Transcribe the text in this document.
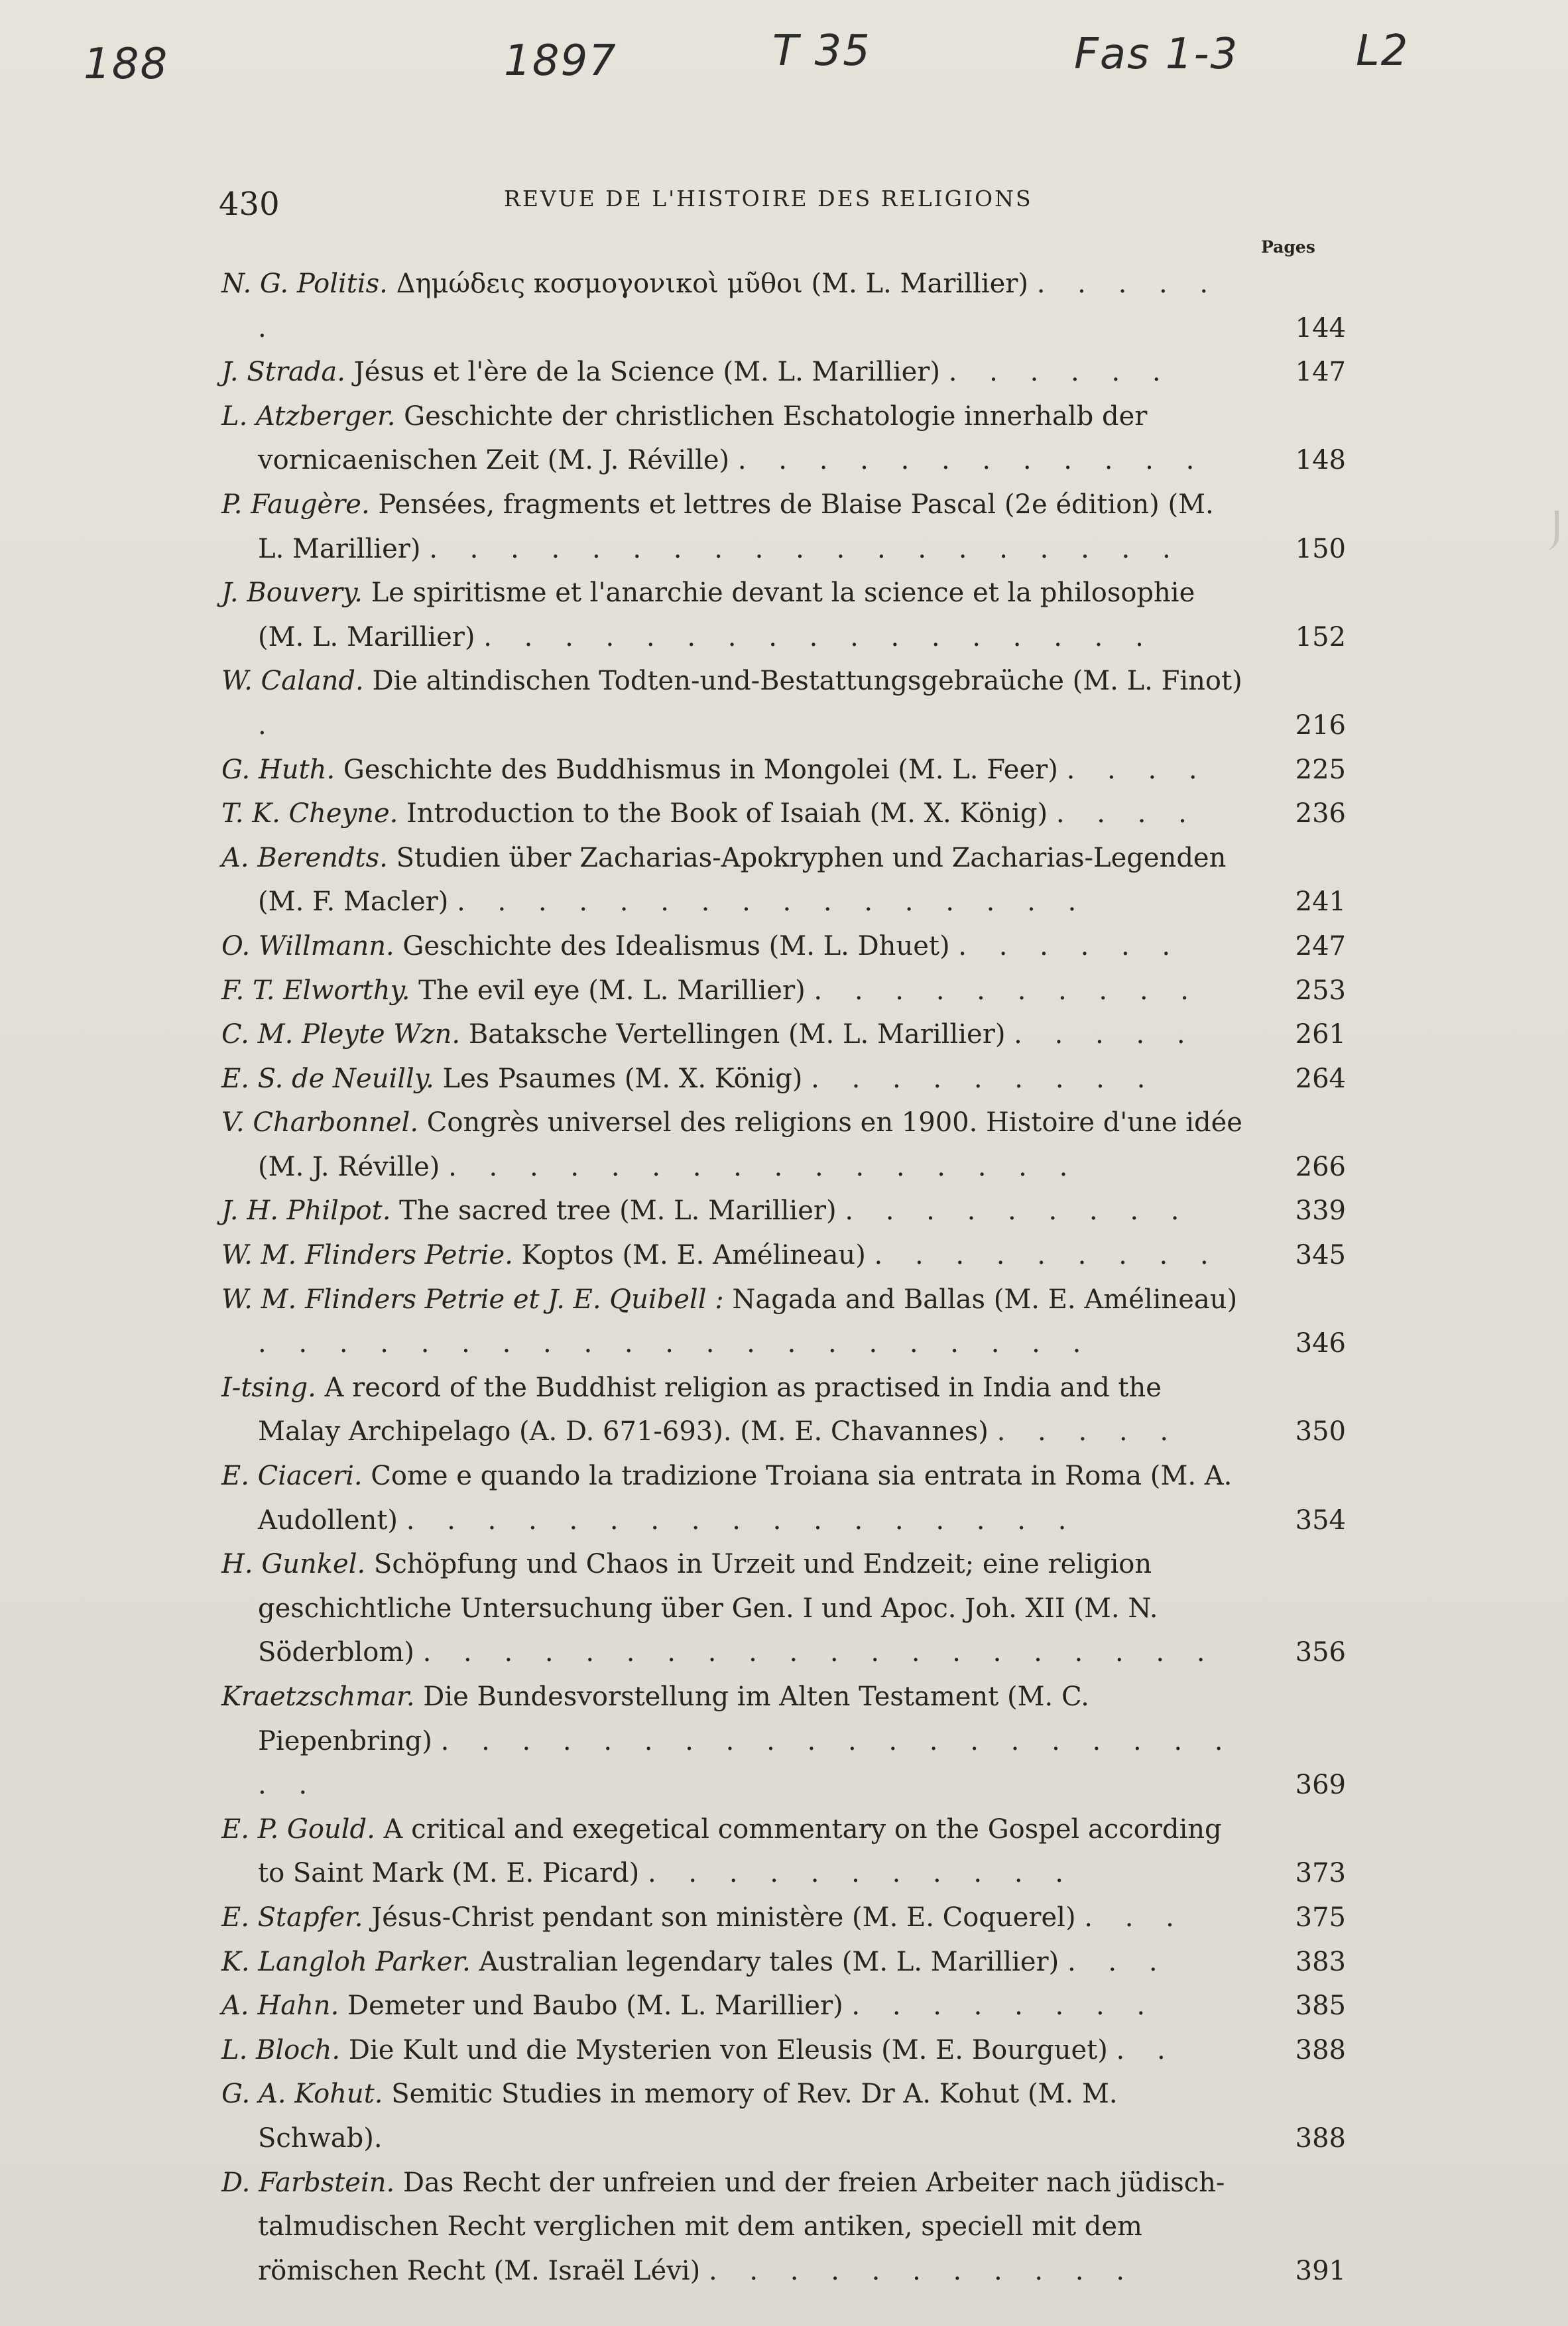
188	1897	T 35	Fas 1-3	L2
430	REVUE DE L'HISTOIRE DES RELIGIONS
Pages
N. G. Politis. Δημώδεις κοσμογονικοὶ μῦθοι (M. L. Marillier) . . . . . .	144
J. Strada. Jésus et l'ère de la Science (M. L. Marillier) . . . . . .	147
L. Atzberger. Geschichte der christlichen Eschatologie innerhalb der vornicaenischen Zeit (M. J. Réville) . . . . . . . . . . . .	148
P. Faugère. Pensées, fragments et lettres de Blaise Pascal (2e édition) (M. L. Marillier) . . . . . . . . . . . . . . . . . . .	150
J. Bouvery. Le spiritisme et l'anarchie devant la science et la philosophie (M. L. Marillier) . . . . . . . . . . . . . . . . .	152
W. Caland. Die altindischen Todten-und-Bestattungsgebraüche (M. L. Finot) .	216
G. Huth. Geschichte des Buddhismus in Mongolei (M. L. Feer) . . . .	225
T. K. Cheyne. Introduction to the Book of Isaiah (M. X. König) . . . .	236
A. Berendts. Studien über Zacharias-Apokryphen und Zacharias-Legenden (M. F. Macler) . . . . . . . . . . . . . . . .	241
O. Willmann. Geschichte des Idealismus (M. L. Dhuet) . . . . . .	247
F. T. Elworthy. The evil eye (M. L. Marillier) . . . . . . . . . .	253
C. M. Pleyte Wzn. Bataksche Vertellingen (M. L. Marillier) . . . . .	261
E. S. de Neuilly. Les Psaumes (M. X. König) . . . . . . . . .	264
V. Charbonnel. Congrès universel des religions en 1900. Histoire d'une idée (M. J. Réville) . . . . . . . . . . . . . . . .	266
J. H. Philpot. The sacred tree (M. L. Marillier) . . . . . . . . .	339
W. M. Flinders Petrie. Koptos (M. E. Amélineau) . . . . . . . . .	345
W. M. Flinders Petrie et J. E. Quibell : Nagada and Ballas (M. E. Amélineau) . . . . . . . . . . . . . . . . . . . . .	346
I-tsing. A record of the Buddhist religion as practised in India and the Malay Archipelago (A. D. 671-693). (M. E. Chavannes) . . . . .	350
E. Ciaceri. Come e quando la tradizione Troiana sia entrata in Roma (M. A. Audollent) . . . . . . . . . . . . . . . . .	354
H. Gunkel. Schöpfung und Chaos in Urzeit und Endzeit; eine religion geschichtliche Untersuchung über Gen. I und Apoc. Joh. XII (M. N. Söderblom) . . . . . . . . . . . . . . . . . . . .	356
Kraetzschmar. Die Bundesvorstellung im Alten Testament (M. C. Piepenbring) . . . . . . . . . . . . . . . . . . . . . .	369
E. P. Gould. A critical and exegetical commentary on the Gospel according to Saint Mark (M. E. Picard) . . . . . . . . . . .	373
E. Stapfer. Jésus-Christ pendant son ministère (M. E. Coquerel) . . .	375
K. Langloh Parker. Australian legendary tales (M. L. Marillier) . . .	383
A. Hahn. Demeter und Baubo (M. L. Marillier) . . . . . . . .	385
L. Bloch. Die Kult und die Mysterien von Eleusis (M. E. Bourguet) . .	388
G. A. Kohut. Semitic Studies in memory of Rev. Dr A. Kohut (M. M. Schwab).	388
D. Farbstein. Das Recht der unfreien und der freien Arbeiter nach jüdisch-talmudischen Recht verglichen mit dem antiken, speciell mit dem römischen Recht (M. Israël Lévi) . . . . . . . . . . .	391
